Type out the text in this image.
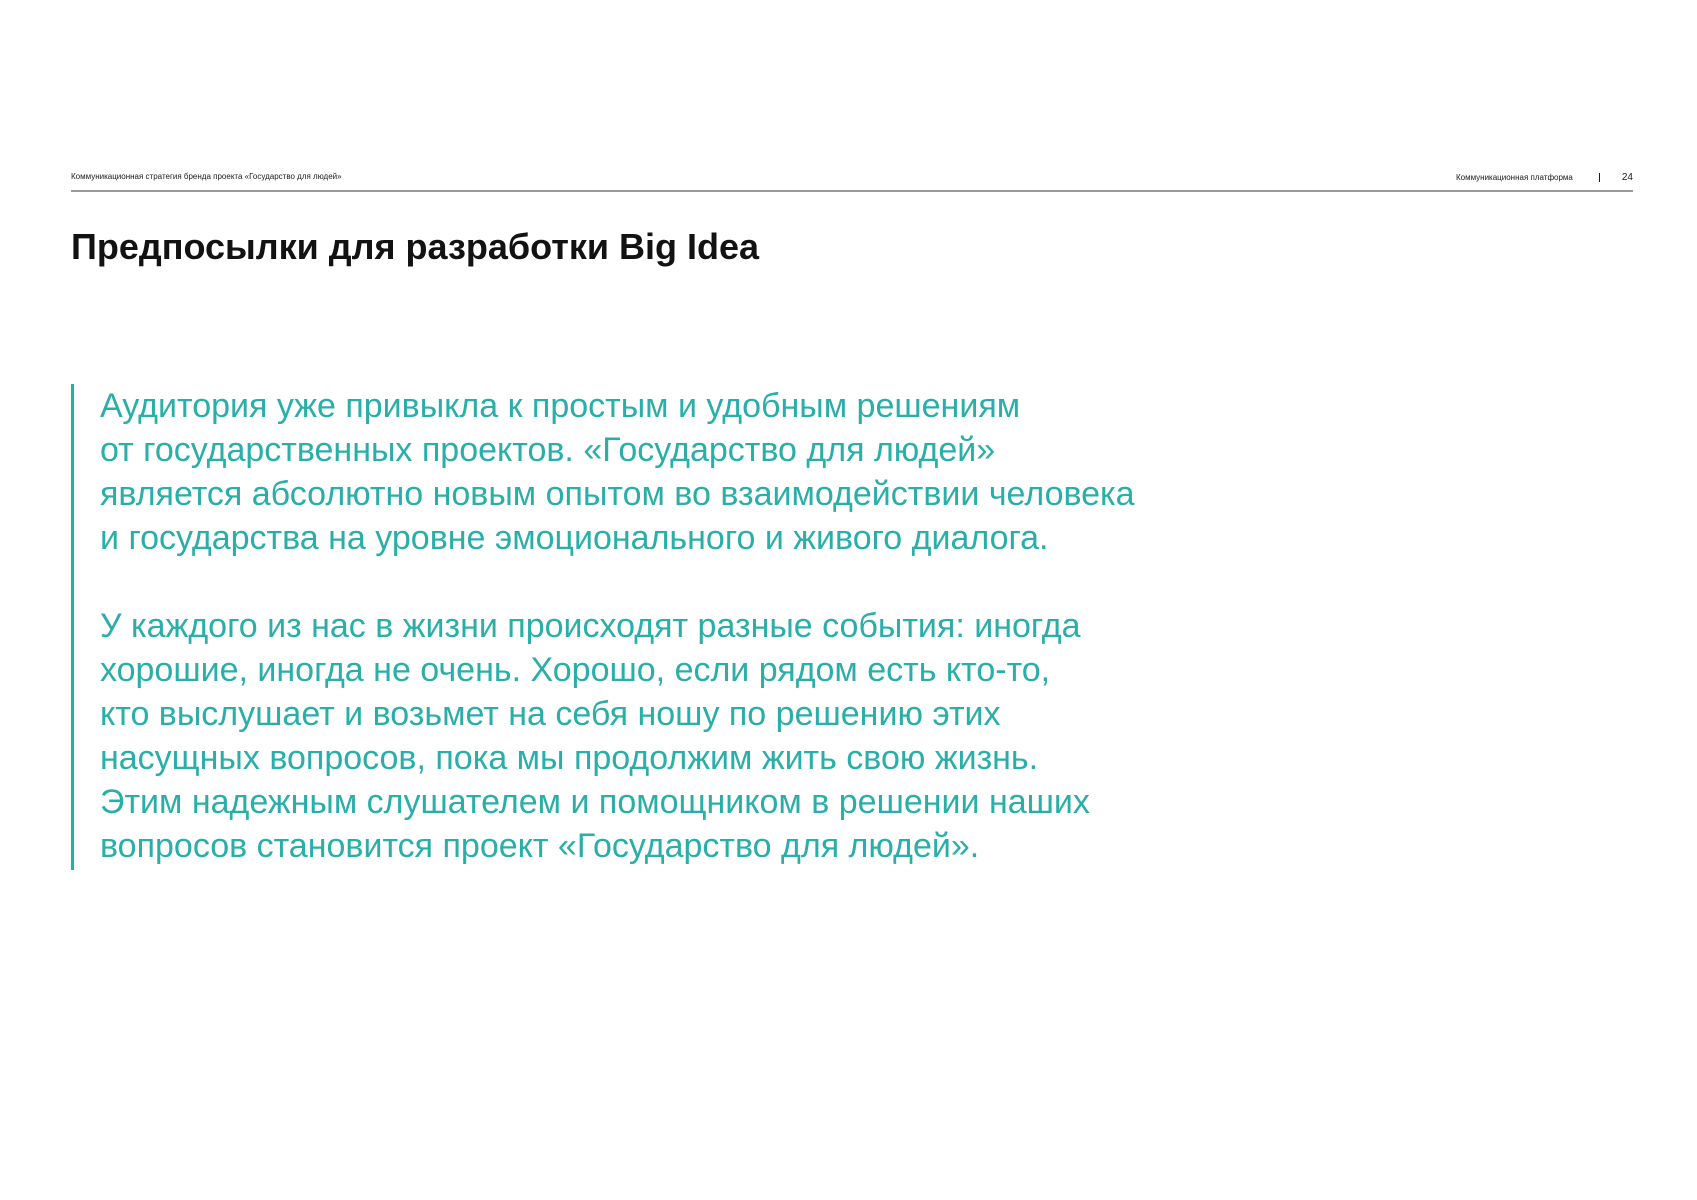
Коммуникационная стратегия бренда проекта «Государство для людей»	Коммуникационная платформа	24
Предпосылки для разработки Big Idea

Аудитория уже привыкла к простым и удобным решениям
от государственных проектов. «Государство для людей»
является абсолютно новым опытом во взаимодействии человека
и государства на уровне эмоционального и живого диалога.

У каждого из нас в жизни происходят разные события: иногда
хорошие, иногда не очень. Хорошо, если рядом есть кто-то,
кто выслушает и возьмет на себя ношу по решению этих
насущных вопросов, пока мы продолжим жить свою жизнь.
Этим надежным слушателем и помощником в решении наших
вопросов становится проект «Государство для людей».
